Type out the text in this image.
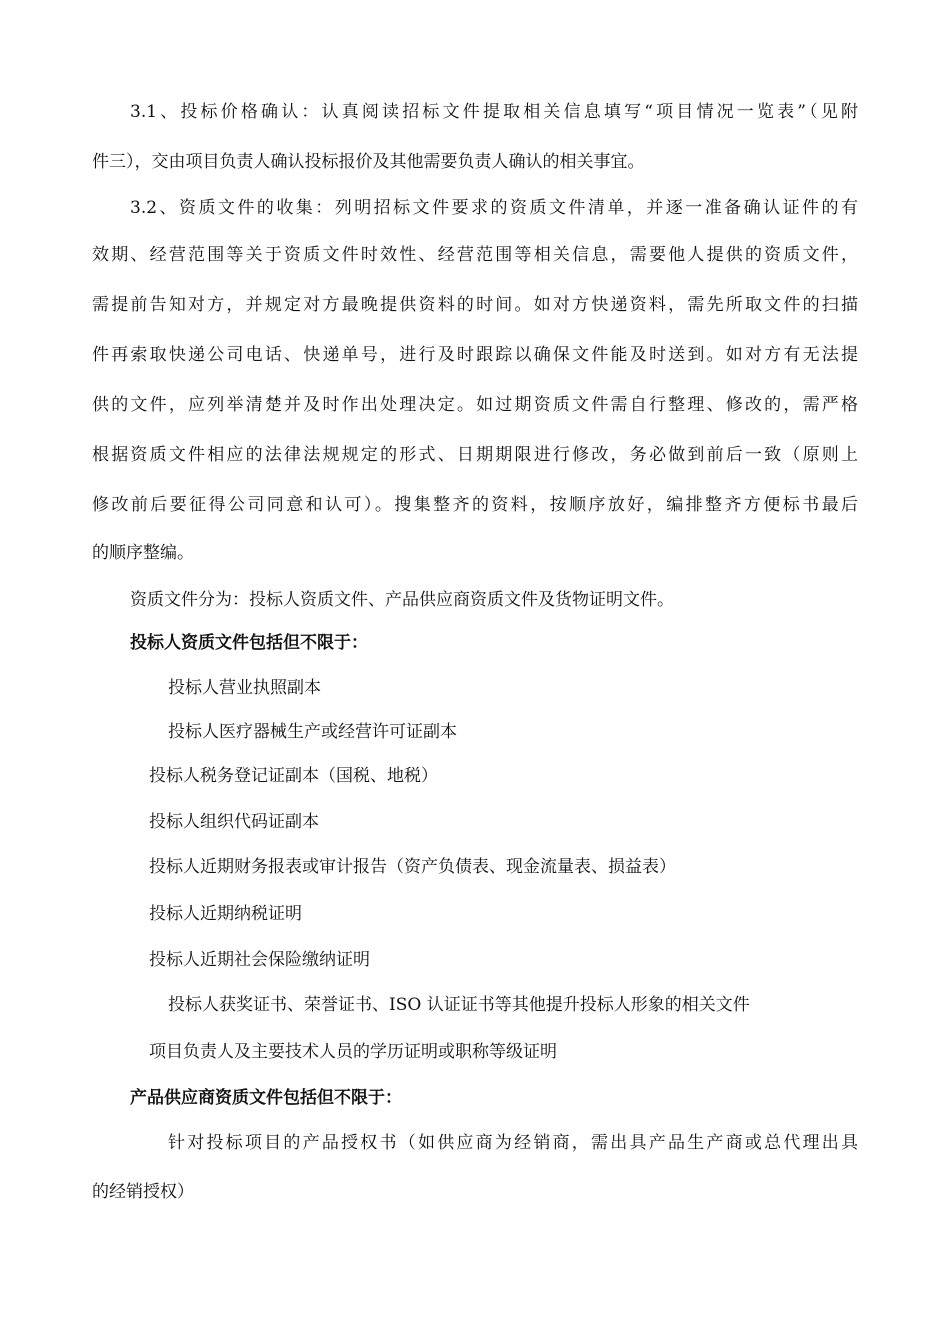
3.1、投标价格确认：认真阅读招标文件提取相关信息填写“项目情况一览表”（见附
件三），交由项目负责人确认投标报价及其他需要负责人确认的相关事宜。
3.2、资质文件的收集：列明招标文件要求的资质文件清单，并逐一准备确认证件的有
效期、经营范围等关于资质文件时效性、经营范围等相关信息，需要他人提供的资质文件，
需提前告知对方，并规定对方最晚提供资料的时间。如对方快递资料，需先所取文件的扫描
件再索取快递公司电话、快递单号，进行及时跟踪以确保文件能及时送到。如对方有无法提
供的文件，应列举清楚并及时作出处理决定。如过期资质文件需自行整理、修改的，需严格
根据资质文件相应的法律法规规定的形式、日期期限进行修改，务必做到前后一致（原则上
修改前后要征得公司同意和认可）。搜集整齐的资料，按顺序放好，编排整齐方便标书最后
的顺序整编。
资质文件分为：投标人资质文件、产品供应商资质文件及货物证明文件。
投标人资质文件包括但不限于：
投标人营业执照副本
投标人医疗器械生产或经营许可证副本
投标人税务登记证副本（国税、地税）
投标人组织代码证副本
投标人近期财务报表或审计报告（资产负债表、现金流量表、损益表）
投标人近期纳税证明
投标人近期社会保险缴纳证明
投标人获奖证书、荣誉证书、ISO 认证证书等其他提升投标人形象的相关文件
项目负责人及主要技术人员的学历证明或职称等级证明
产品供应商资质文件包括但不限于：
针对投标项目的产品授权书（如供应商为经销商，需出具产品生产商或总代理出具
的经销授权）
